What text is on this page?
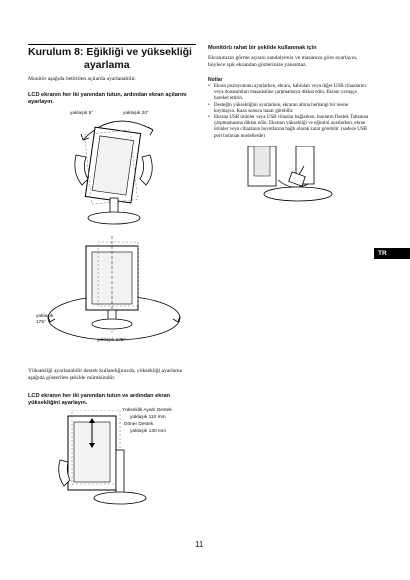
Kurulum 8: Eğikliği ve yüksekliği
ayarlama
Monitör aşağıda belirtilen açılarda ayarlanabilir.
LCD ekranın her iki yanından tutun, ardından ekran açılarını ayarlayın.
yaklaşık 5°	yaklaşık 20°
yaklaşık
175°
yaklaşık 175°
Yüksekliği ayarlanabilir destek kullandığınızda, yüksekliği ayarlama aşağıda gösterilen şekilde mümkündür.
LCD ekranın her iki yanından tutun ve ardından ekran yüksekliğini ayarlayın.
Yükseklik Ayarlı Destek
yaklaşık 110 mm
Döner Destek
yaklaşık 130 mm
Monitörü rahat bir şekilde kullanmak için
Ekranınızın görme açısını sandalyeniz ve masanıza göre ayarlayın, böylece ışık ekrandan gözlerinize yansımaz.
Notlar
• Ekran pozisyonunu ayarlarken, ekranı, kabloları veya diğer USB cihazlarını veya donanımları masaüstüne çarpmamaya dikkat edin. Ekranı yavaşça hareket ettirin.
• Desteğin yüksekliğini ayarlarken, ekranın altına herhangi bir nesne koymayın. Kaza sonucu hasar görebilir.
• Ekrana USB ürünler veya USB cihazlar bağlarken, bunların Destek Tabanına çarpmamasına dikkat edin. Ekranın yüksekliği ve eğimini ayarlarken, ekran ürünler veya cihazların boyutlarına bağlı olarak zarar görebilir. (sadece USB port bulunan modellerde)
TR
11
